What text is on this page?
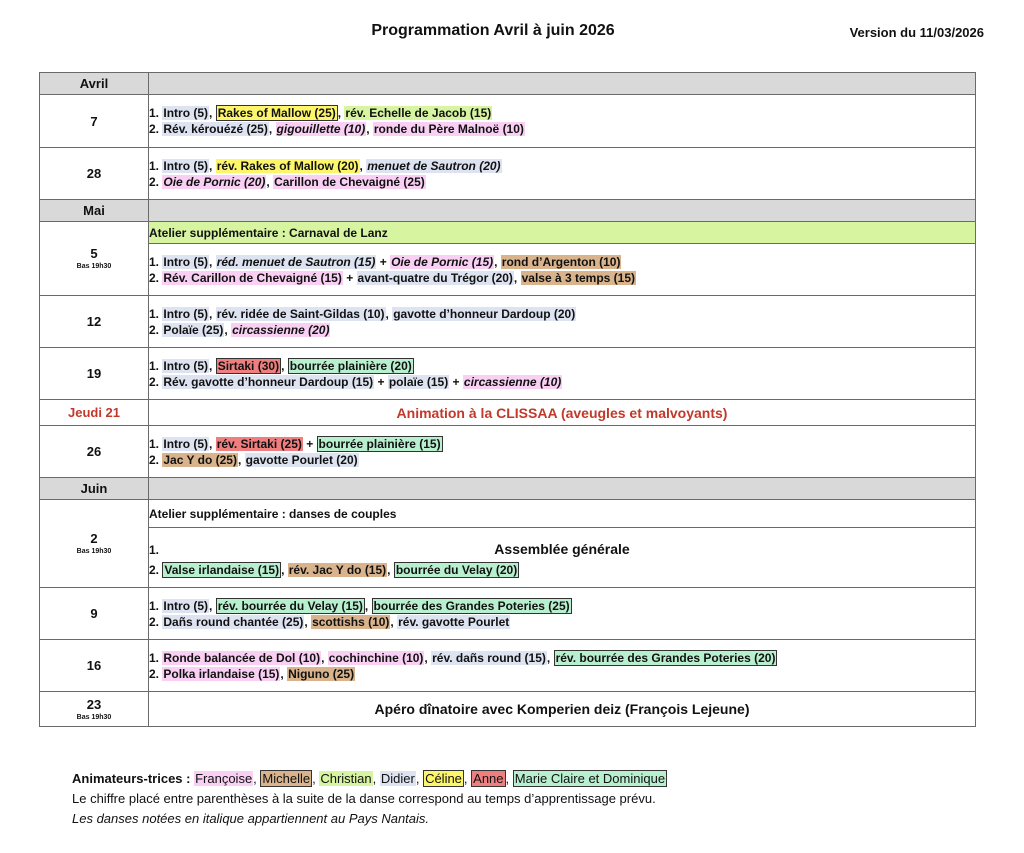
Programmation Avril à juin 2026	Version du 11/03/2026
Avril	

7	1. Intro (5), Rakes of Mallow (25) , rév. Echelle de Jacob (15)
2. Rév. kérouézé (25), gigouillette (10), ronde du Père Malnoë (10)

28	1. Intro (5), rév. Rakes of Mallow (20), menuet de Sautron (20)
2. Oie de Pornic (20), Carillon de Chevaigné (25)

Mai	

5
Bas 19h30	Atelier supplémentaire : Carnaval de Lanz

	1. Intro (5), réd. menuet de Sautron (15) + Oie de Pornic (15), rond d’Argenton (10)
2. Rév. Carillon de Chevaigné (15) + avant-quatre du Trégor (20), valse à 3 temps (15)

12	1. Intro (5), rév. ridée de Saint-Gildas (10), gavotte d’honneur Dardoup (20)
2. Polaïe (25), circassienne (20)

19	1. Intro (5), Sirtaki (30) , bourrée plainière (20)
2. Rév. gavotte d’honneur Dardoup (15) + polaïe (15) + circassienne (10)

Jeudi 21	Animation à la CLISSAA (aveugles et malvoyants)

26	1. Intro (5), rév. Sirtaki (25) + bourrée plainière (15)
2. Jac Y do (25), gavotte Pourlet (20)

Juin	

2
Bas 19h30	Atelier supplémentaire : danses de couples

	1. Assemblée générale
2. Valse irlandaise (15) , rév. Jac Y do (15), bourrée du Velay (20)

9	1. Intro (5), rév. bourrée du Velay (15) , bourrée des Grandes Poteries (25)
2. Dañs round chantée (25), scottishs (10), rév. gavotte Pourlet

16	1. Ronde balancée de Dol (10), cochinchine (10), rév. dañs round (15), rév. bourrée des Grandes Poteries (20)
2. Polka irlandaise (15), Niguno (25)

23
Bas 19h30	Apéro dînatoire avec Komperien deiz (François Lejeune)
Animateurs-trices : Françoise, Michelle , Christian, Didier, Céline , Anne , Marie Claire et Dominique
Le chiffre placé entre parenthèses à la suite de la danse correspond au temps d’apprentissage prévu.
Les danses notées en italique appartiennent au Pays Nantais.
